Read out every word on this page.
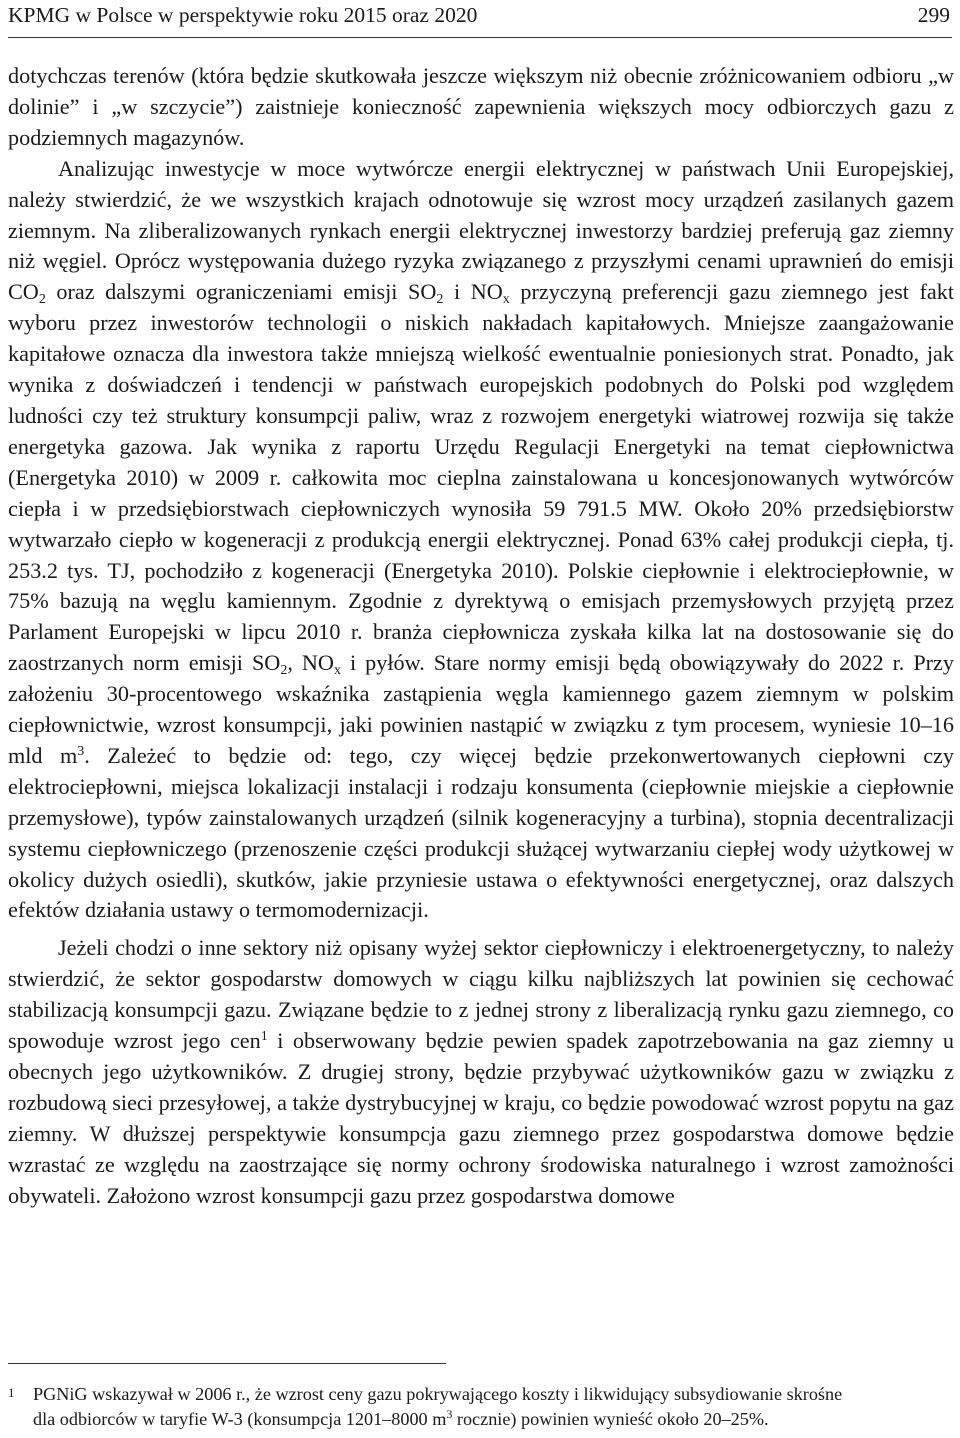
KPMG w Polsce w perspektywie roku 2015 oraz 2020	299

dotychczas terenów (która będzie skutkowała jeszcze większym niż obecnie zróżnicowaniem odbioru „w dolinie” i „w szczycie”) zaistnieje konieczność zapewnienia większych mocy odbiorczych gazu z podziemnych magazynów.

Analizując inwestycje w moce wytwórcze energii elektrycznej w państwach Unii Europejskiej, należy stwierdzić, że we wszystkich krajach odnotowuje się wzrost mocy urządzeń zasilanych gazem ziemnym. Na zliberalizowanych rynkach energii elektrycznej inwestorzy bardziej preferują gaz ziemny niż węgiel. Oprócz występowania dużego ryzyka związanego z przyszłymi cenami uprawnień do emisji $CO_2$ oraz dalszymi ograniczeniami emisji $SO_2$ i $NO_x$ przyczyną preferencji gazu ziemnego jest fakt wyboru przez inwestorów technologii o niskich nakładach kapitałowych. Mniejsze zaangażowanie kapitałowe oznacza dla inwestora także mniejszą wielkość ewentualnie poniesionych strat. Ponadto, jak wynika z doświadczeń i tendencji w państwach europejskich podobnych do Polski pod względem ludności czy też struktury konsumpcji paliw, wraz z rozwojem energetyki wiatrowej rozwija się także energetyka gazowa. Jak wynika z raportu Urzędu Regulacji Energetyki na temat ciepłownictwa (Energetyka 2010) w 2009 r. całkowita moc cieplna zainstalowana u koncesjonowanych wytwórców ciepła i w przedsiębiorstwach ciepłowniczych wynosiła 59 791.5 MW. Około 20% przedsiębiorstw wytwarzało ciepło w kogeneracji z produkcją energii elektrycznej. Ponad 63% całej produkcji ciepła, tj. 253.2 tys. TJ, pochodziło z kogeneracji (Energetyka 2010). Polskie ciepłownie i elektrociepłownie, w 75% bazują na węglu kamiennym. Zgodnie z dyrektywą o emisjach przemysłowych przyjętą przez Parlament Europejski w lipcu 2010 r. branża ciepłownicza zyskała kilka lat na dostosowanie się do zaostrzanych norm emisji $SO_2$, $NO_x$ i pyłów. Stare normy emisji będą obowiązywały do 2022 r. Przy założeniu 30-procentowego wskaźnika zastąpienia węgla kamiennego gazem ziemnym w polskim ciepłownictwie, wzrost konsumpcji, jaki powinien nastąpić w związku z tym procesem, wyniesie 10–16 mld $m^3$. Zależeć to będzie od: tego, czy więcej będzie przekonwertowanych ciepłowni czy elektrociepłowni, miejsca lokalizacji instalacji i rodzaju konsumenta (ciepłownie miejskie a ciepłownie przemysłowe), typów zainstalowanych urządzeń (silnik kogeneracyjny a turbina), stopnia decentralizacji systemu ciepłowniczego (przenoszenie części produkcji służącej wytwarzaniu ciepłej wody użytkowej w okolicy dużych osiedli), skutków, jakie przyniesie ustawa o efektywności energetycznej, oraz dalszych efektów działania ustawy o termomodernizacji.

Jeżeli chodzi o inne sektory niż opisany wyżej sektor ciepłowniczy i elektroenergetyczny, to należy stwierdzić, że sektor gospodarstw domowych w ciągu kilku najbliższych lat powinien się cechować stabilizacją konsumpcji gazu. Związane będzie to z jednej strony z liberalizacją rynku gazu ziemnego, co spowoduje wzrost jego cen$^1$ i obserwowany będzie pewien spadek zapotrzebowania na gaz ziemny u obecnych jego użytkowników. Z drugiej strony, będzie przybywać użytkowników gazu w związku z rozbudową sieci przesyłowej, a także dystrybucyjnej w kraju, co będzie powodować wzrost popytu na gaz ziemny. W dłuższej perspektywie konsumpcja gazu ziemnego przez gospodarstwa domowe będzie wzrastać ze względu na zaostrzające się normy ochrony środowiska naturalnego i wzrost zamożności obywateli. Założono wzrost konsumpcji gazu przez gospodarstwa domowe

1 PGNiG wskazywał w 2006 r., że wzrost ceny gazu pokrywającego koszty i likwidujący subsydiowanie skrośne
dla odbiorców w taryfie W-3 (konsumpcja 1201–8000 $m^3$ rocznie) powinien wynieść około 20–25%.
